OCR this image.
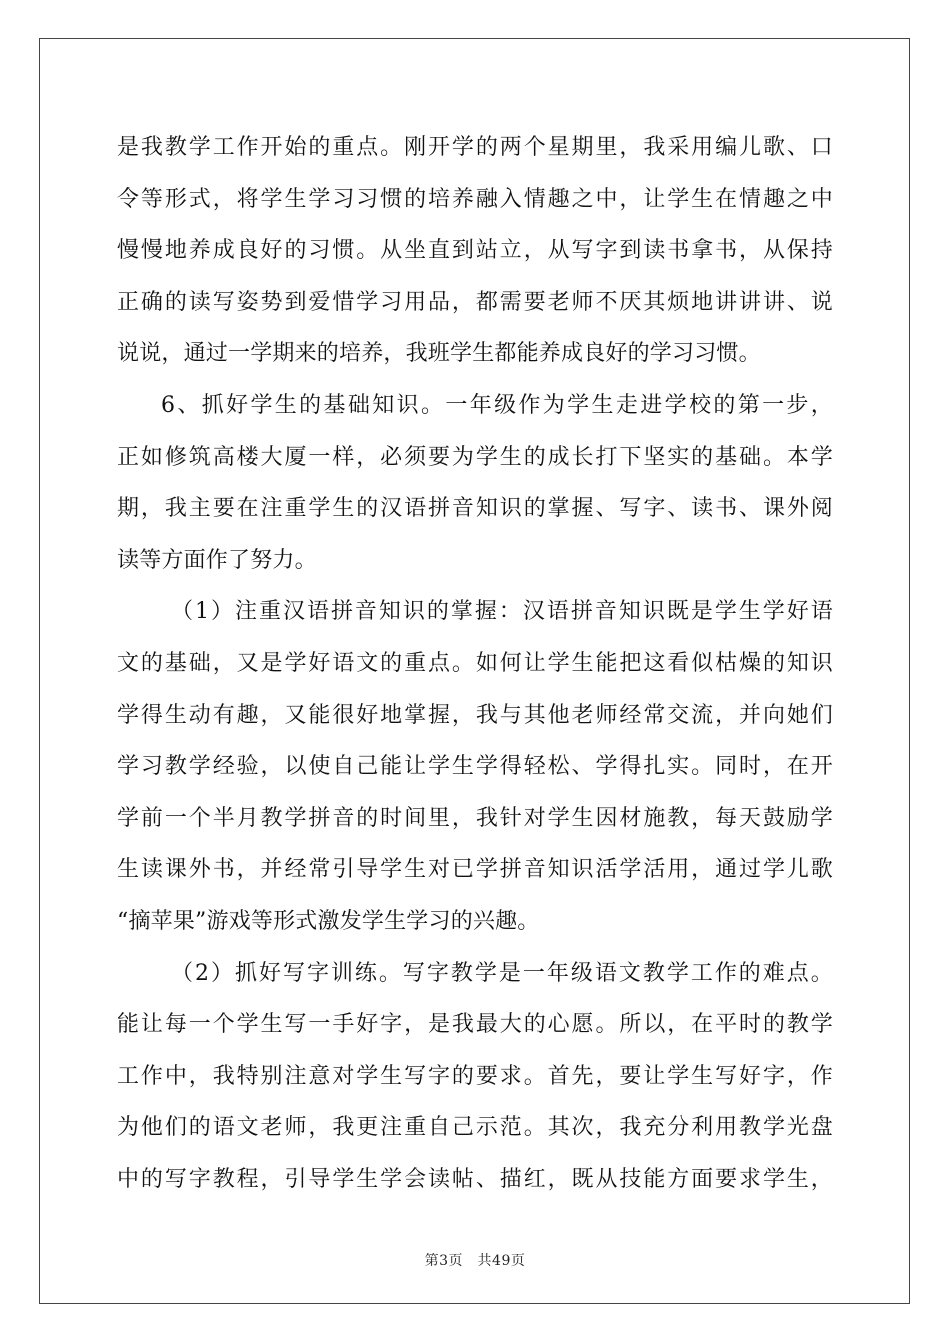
是我教学工作开始的重点。刚开学的两个星期里，我采用编儿歌、口
令等形式，将学生学习习惯的培养融入情趣之中，让学生在情趣之中
慢慢地养成良好的习惯。从坐直到站立，从写字到读书拿书，从保持
正确的读写姿势到爱惜学习用品，都需要老师不厌其烦地讲讲讲、说
说说，通过一学期来的培养，我班学生都能养成良好的学习习惯。
6、抓好学生的基础知识。一年级作为学生走进学校的第一步，
正如修筑高楼大厦一样，必须要为学生的成长打下坚实的基础。本学
期，我主要在注重学生的汉语拼音知识的掌握、写字、读书、课外阅
读等方面作了努力。
（1）注重汉语拼音知识的掌握：汉语拼音知识既是学生学好语
文的基础，又是学好语文的重点。如何让学生能把这看似枯燥的知识
学得生动有趣，又能很好地掌握，我与其他老师经常交流，并向她们
学习教学经验，以使自己能让学生学得轻松、学得扎实。同时，在开
学前一个半月教学拼音的时间里，我针对学生因材施教，每天鼓励学
生读课外书，并经常引导学生对已学拼音知识活学活用，通过学儿歌
“摘苹果”游戏等形式激发学生学习的兴趣。
（2）抓好写字训练。写字教学是一年级语文教学工作的难点。
能让每一个学生写一手好字，是我最大的心愿。所以，在平时的教学
工作中，我特别注意对学生写字的要求。首先，要让学生写好字，作
为他们的语文老师，我更注重自己示范。其次，我充分利用教学光盘
中的写字教程，引导学生学会读帖、描红，既从技能方面要求学生，
第3页　共49页
